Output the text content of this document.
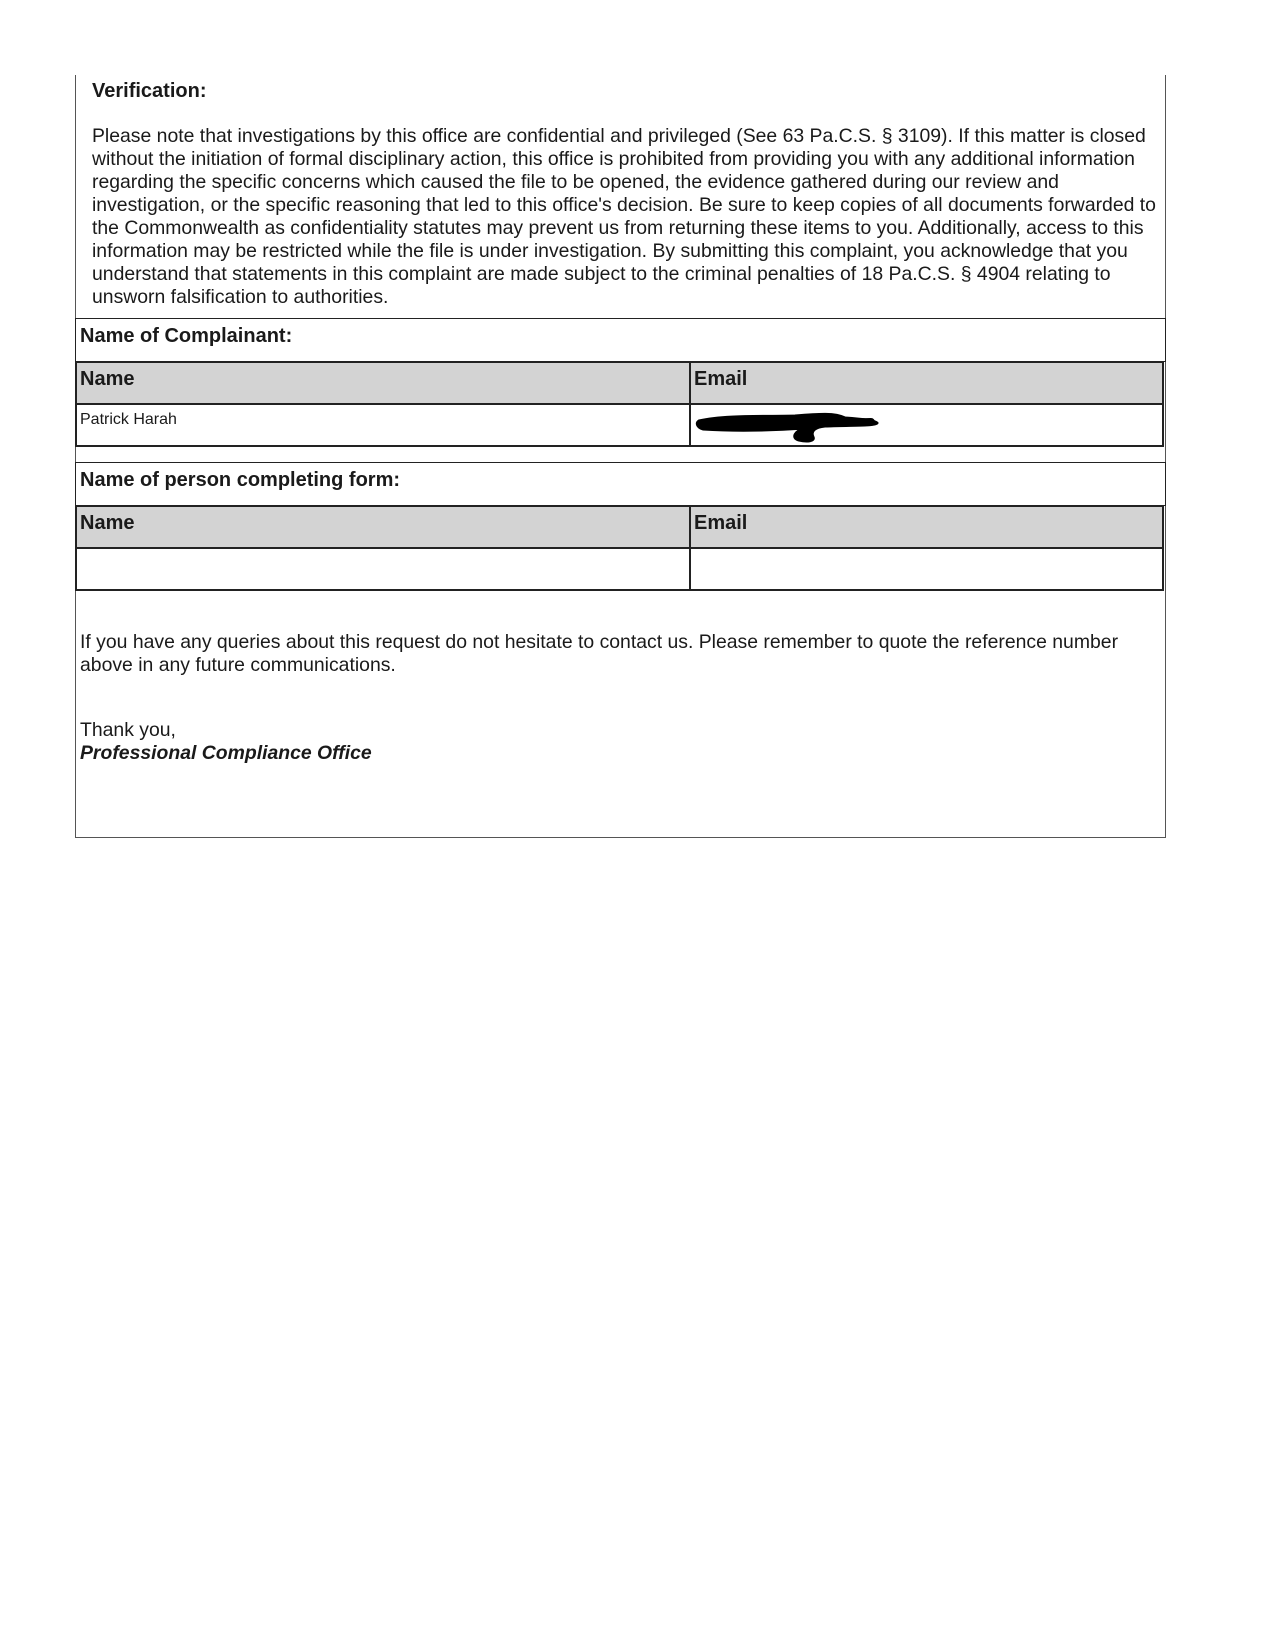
Verification:

Please note that investigations by this office are confidential and privileged (See 63 Pa.C.S. § 3109). If this matter is closed without the initiation of formal disciplinary action, this office is prohibited from providing you with any additional information regarding the specific concerns which caused the file to be opened, the evidence gathered during our review and investigation, or the specific reasoning that led to this office's decision. Be sure to keep copies of all documents forwarded to the Commonwealth as confidentiality statutes may prevent us from returning these items to you. Additionally, access to this information may be restricted while the file is under investigation. By submitting this complaint, you acknowledge that you understand that statements in this complaint are made subject to the criminal penalties of 18 Pa.C.S. § 4904 relating to unsworn falsification to authorities.

Name of Complainant:

Name	Email
Patrick Harah

Name of person completing form:

Name	Email

If you have any queries about this request do not hesitate to contact us. Please remember to quote the reference number above in any future communications.

Thank you,

Professional Compliance Office
